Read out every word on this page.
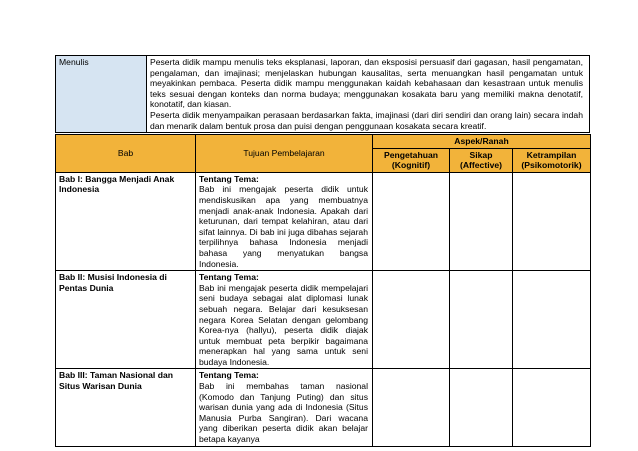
Menulis	Peserta didik mampu menulis teks eksplanasi, laporan, dan eksposisi persuasif dari gagasan, hasil pengamatan, pengalaman, dan imajinasi; menjelaskan hubungan kausalitas, serta menuangkan hasil pengamatan untuk meyakinkan pembaca. Peserta didik mampu menggunakan kaidah kebahasaan dan kesastraan untuk menulis teks sesuai dengan konteks dan norma budaya; menggunakan kosakata baru yang memiliki makna denotatif, konotatif, dan kiasan.

Peserta didik menyampaikan perasaan berdasarkan fakta, imajinasi (dari diri sendiri dan orang lain) secara indah dan menarik dalam bentuk prosa dan puisi dengan penggunaan kosakata secara kreatif.

Bab	Tujuan Pembelajaran	Aspek/Ranah		
		Pengetahuan (Kognitif)	Sikap (Affective)	Ketrampilan (Psikomotorik)
Bab I: Bangga Menjadi Anak Indonesia	Tentang Tema:
Bab ini mengajak peserta didik untuk mendiskusikan apa yang membuatnya menjadi anak-anak Indonesia. Apakah dari keturunan, dari tempat kelahiran, atau dari sifat lainnya. Di bab ini juga dibahas sejarah terpilihnya bahasa Indonesia menjadi bahasa yang menyatukan bangsa Indonesia.			
Bab II: Musisi Indonesia di Pentas Dunia	Tentang Tema:
Bab ini mengajak peserta didik mempelajari seni budaya sebagai alat diplomasi lunak sebuah negara. Belajar dari kesuksesan negara Korea Selatan dengan gelombang Korea-nya (hallyu), peserta didik diajak untuk membuat peta berpikir bagaimana menerapkan hal yang sama untuk seni budaya Indonesia.			
Bab III: Taman Nasional dan Situs Warisan Dunia	Tentang Tema:
Bab ini membahas taman nasional (Komodo dan Tanjung Puting) dan situs warisan dunia yang ada di Indonesia (Situs Manusia Purba Sangiran). Dari wacana yang diberikan peserta didik akan belajar betapa kayanya			
